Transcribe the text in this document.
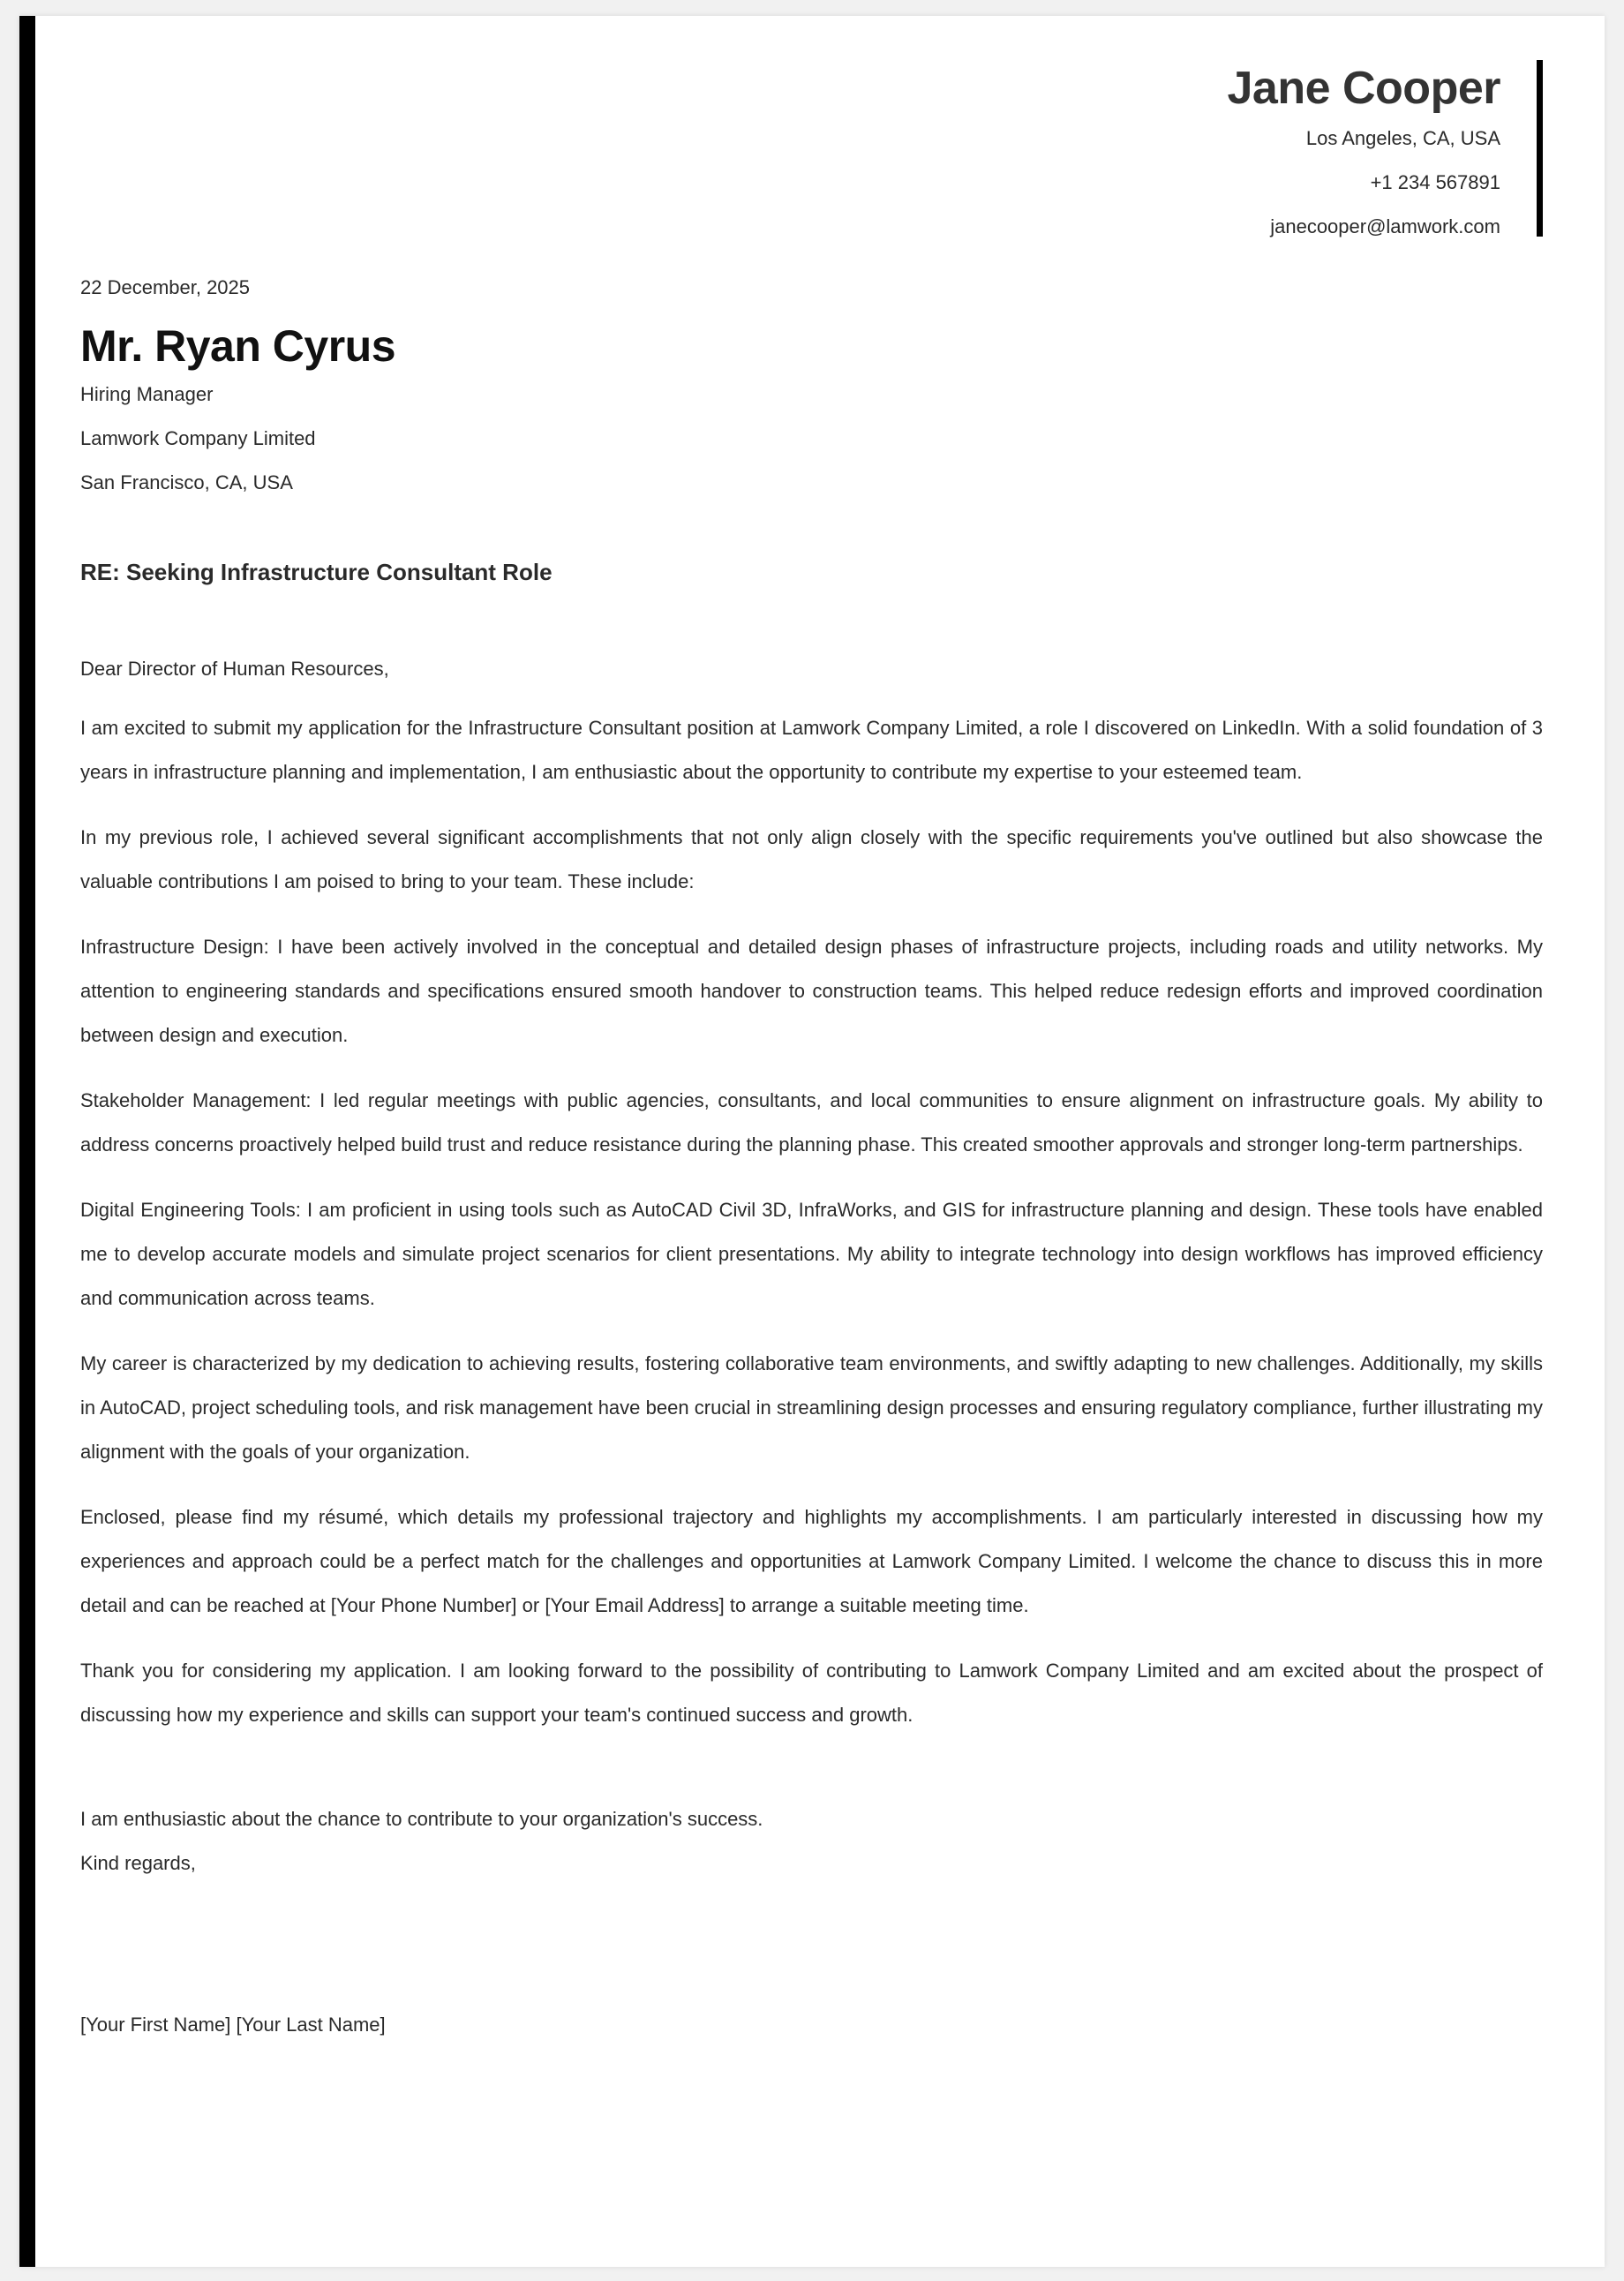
Jane Cooper
Los Angeles, CA, USA
+1 234 567891
janecooper@lamwork.com
22 December, 2025
Mr. Ryan Cyrus
Hiring Manager
Lamwork Company Limited
San Francisco, CA, USA
RE: Seeking Infrastructure Consultant Role
Dear Director of Human Resources,
I am excited to submit my application for the Infrastructure Consultant position at Lamwork Company Limited, a role I discovered on LinkedIn. With a solid foundation of 3 years in infrastructure planning and implementation, I am enthusiastic about the opportunity to contribute my expertise to your esteemed team.
In my previous role, I achieved several significant accomplishments that not only align closely with the specific requirements you've outlined but also showcase the valuable contributions I am poised to bring to your team. These include:
Infrastructure Design: I have been actively involved in the conceptual and detailed design phases of infrastructure projects, including roads and utility networks. My attention to engineering standards and specifications ensured smooth handover to construction teams. This helped reduce redesign efforts and improved coordination between design and execution.
Stakeholder Management: I led regular meetings with public agencies, consultants, and local communities to ensure alignment on infrastructure goals. My ability to address concerns proactively helped build trust and reduce resistance during the planning phase. This created smoother approvals and stronger long-term partnerships.
Digital Engineering Tools: I am proficient in using tools such as AutoCAD Civil 3D, InfraWorks, and GIS for infrastructure planning and design. These tools have enabled me to develop accurate models and simulate project scenarios for client presentations. My ability to integrate technology into design workflows has improved efficiency and communication across teams.
My career is characterized by my dedication to achieving results, fostering collaborative team environments, and swiftly adapting to new challenges. Additionally, my skills in AutoCAD, project scheduling tools, and risk management have been crucial in streamlining design processes and ensuring regulatory compliance, further illustrating my alignment with the goals of your organization.
Enclosed, please find my résumé, which details my professional trajectory and highlights my accomplishments. I am particularly interested in discussing how my experiences and approach could be a perfect match for the challenges and opportunities at Lamwork Company Limited. I welcome the chance to discuss this in more detail and can be reached at [Your Phone Number] or [Your Email Address] to arrange a suitable meeting time.
Thank you for considering my application. I am looking forward to the possibility of contributing to Lamwork Company Limited and am excited about the prospect of discussing how my experience and skills can support your team's continued success and growth.
I am enthusiastic about the chance to contribute to your organization's success.
Kind regards,
[Your First Name] [Your Last Name]
